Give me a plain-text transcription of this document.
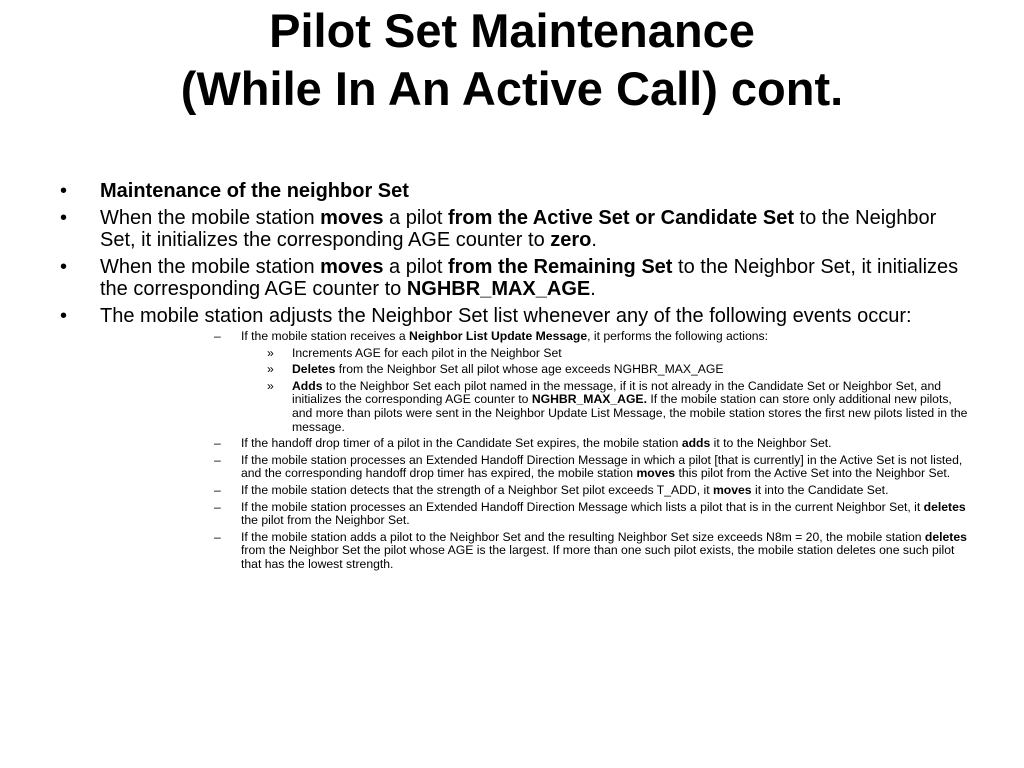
Pilot Set Maintenance
(While In An Active Call) cont.
• Maintenance of the neighbor Set
• When the mobile station moves a pilot from the Active Set or Candidate Set to the Neighbor Set, it initializes the corresponding AGE counter to zero.
• When the mobile station moves a pilot from the Remaining Set to the Neighbor Set, it initializes the corresponding AGE counter to NGHBR_MAX_AGE.
• The mobile station adjusts the Neighbor Set list whenever any of the following events occur:
– If the mobile station receives a Neighbor List Update Message, it performs the following actions:
» Increments AGE for each pilot in the Neighbor Set
» Deletes from the Neighbor Set all pilot whose age exceeds NGHBR_MAX_AGE
» Adds to the Neighbor Set each pilot named in the message, if it is not already in the Candidate Set or Neighbor Set, and initializes the corresponding AGE counter to NGHBR_MAX_AGE. If the mobile station can store only additional new pilots, and more than pilots were sent in the Neighbor Update List Message, the mobile station stores the first new pilots listed in the message.
– If the handoff drop timer of a pilot in the Candidate Set expires, the mobile station adds it to the Neighbor Set.
– If the mobile station processes an Extended Handoff Direction Message in which a pilot [that is currently] in the Active Set is not listed, and the corresponding handoff drop timer has expired, the mobile station moves this pilot from the Active Set into the Neighbor Set.
– If the mobile station detects that the strength of a Neighbor Set pilot exceeds T_ADD, it moves it into the Candidate Set.
– If the mobile station processes an Extended Handoff Direction Message which lists a pilot that is in the current Neighbor Set, it deletes the pilot from the Neighbor Set.
– If the mobile station adds a pilot to the Neighbor Set and the resulting Neighbor Set size exceeds N8m = 20, the mobile station deletes from the Neighbor Set the pilot whose AGE is the largest. If more than one such pilot exists, the mobile station deletes one such pilot that has the lowest strength.
